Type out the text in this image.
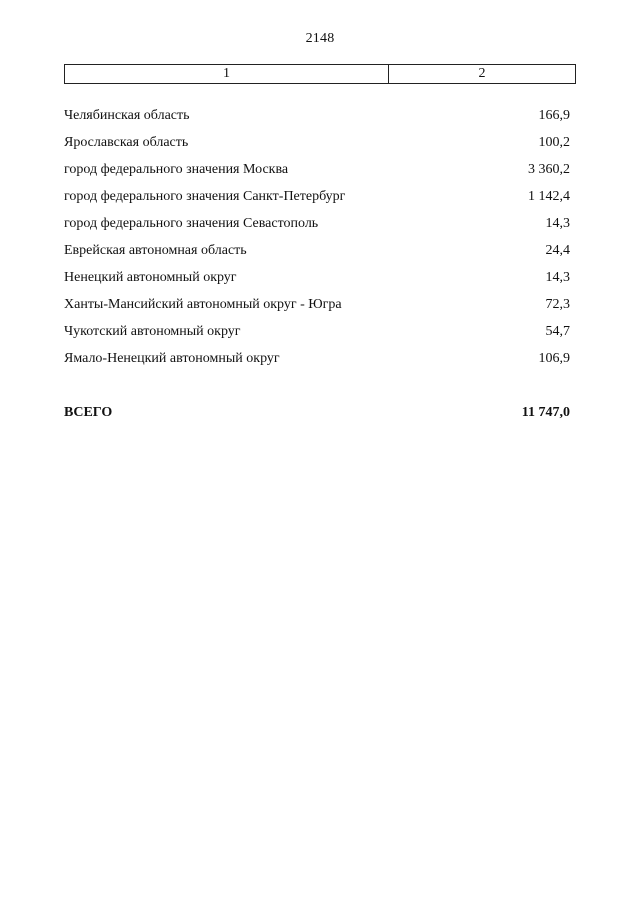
2148
1	2
Челябинская область	166,9
Ярославская область	100,2
город федерального значения Москва	3 360,2
город федерального значения Санкт-Петербург	1 142,4
город федерального значения Севастополь	14,3
Еврейская автономная область	24,4
Ненецкий автономный округ	14,3
Ханты-Мансийский автономный округ - Югра	72,3
Чукотский автономный округ	54,7
Ямало-Ненецкий автономный округ	106,9
ВСЕГО	11 747,0
